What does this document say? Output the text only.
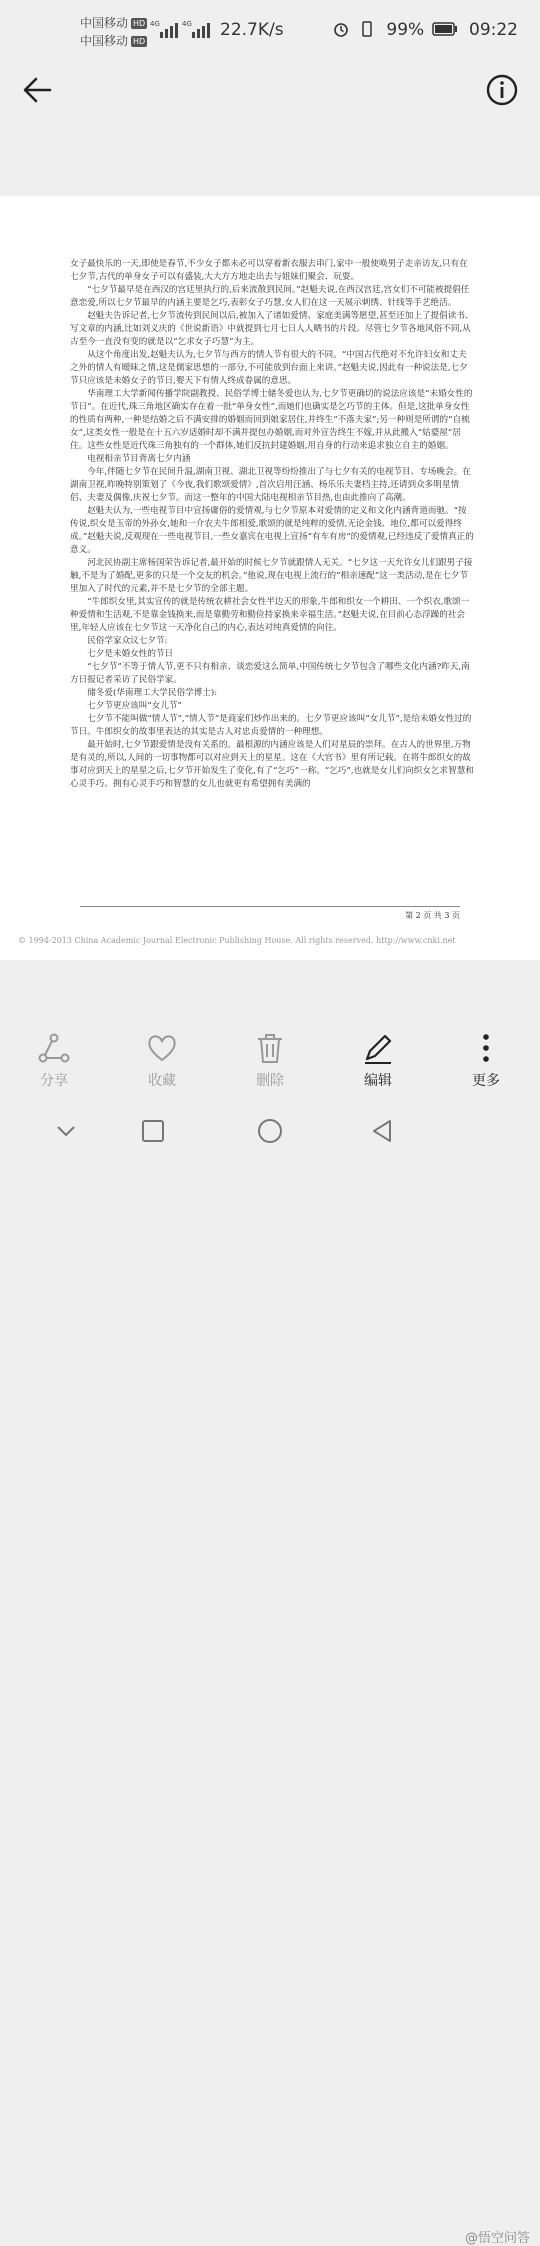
中国移动 HD
中国移动 HD
4G	4G 22.7K/s	99%	09:22

女子最快乐的一天,即使是春节,不少女子都未必可以穿着新衣服去串门,家中一般使唤男子走亲访友,只有在七夕节,古代的单身女子可以有盛装,大大方方地走出去与姐妹们聚会、玩耍。

“七夕节最早是在西汉的宫廷里执行的,后来流散到民间。”赵魁夫说,在西汉宫廷,宫女们不可能被提倡任意恋爱,所以七夕节最早的内涵主要是乞巧,表彰女子巧慧,女人们在这一天展示刺绣、针线等手艺绝活。

赵魁夫告诉记者,七夕节流传到民间以后,被加入了诸如爱情、家庭美满等愿望,甚至还加上了提倡读书、写文章的内涵,比如刘义庆的《世说新语》中就提到七月七日人人晒书的片段。尽管七夕节各地风俗不同,从古至今一直没有变的就是以“乞求女子巧慧”为主。

从这个角度出发,赵魁夫认为,七夕节与西方的情人节有很大的不同。“中国古代绝对不允许妇女和丈夫之外的情人有暧昧之情,这是儒家思想的一部分,不可能放到台面上来讲。”赵魁夫说,因此有一种说法是,七夕节只应该是未婚女子的节日,婴天下有情人终成眷属的意思。

华南理工大学新闻传播学院副教授、民俗学博士储冬爱也认为,七夕节更确切的说法应该是“未婚女性的节日”。在近代,珠三角地区确实存在着一批“单身女性”,而她们也确实是乞巧节的主体。但是,这批单身女性的性质有两种,一种是结婚之后不满安排的婚姻而回到娘家居住,并终生“不落夫家”;另一种则是所谓的“自梳女”,这类女性一般是在十五六岁适婚时却不满并提包办婚姻,而对外宣告终生不嫁,并从此搬入“姑婆屋”居住。这些女性是近代珠三角独有的一个群体,她们反抗封建婚姻,用自身的行动来追求独立自主的婚姻。

电视相亲节目背离七夕内涵

今年,伴随七夕节在民间升温,湖南卫视、湖北卫视等纷纷推出了与七夕有关的电视节目、专场晚会。在湖南卫视,昨晚特别策划了《今夜,我们歌颂爱情》,首次启用汪涵、杨乐乐夫妻档主持,还请到众多明星情侣、夫妻及偶像,庆祝七夕节。而这一整年的中国大陆电视相亲节目热,也由此推向了高潮。

赵魁夫认为,一些电视节目中宣扬庸俗的爱情观,与七夕节原本对爱情的定义和文化内涵背道而驰。“按传说,织女是玉帝的外孙女,她和一介农夫牛郎相爱,歌颂的就是纯粹的爱情,无论金钱、地位,都可以爱得终成。”赵魁夫说,反观现在一些电视节目,一些女嘉宾在电视上宣扬“有车有房”的爱情观,已经违反了爱情真正的意义。

河北民协副主席杨国荣告诉记者,最开始的时候七夕节就跟情人无关。“七夕这一天允许女儿们跟男子接触,不是为了婚配,更多的只是一个交友的机会。”他说,现在电视上流行的“相亲速配”这一类活动,是在七夕节里加入了时代的元素,并不是七夕节的全部主题。

“牛郎织女里,其实宣传的就是传统农耕社会女性半边天的形象,牛郎和织女一个耕田、一个织衣,歌颂一种爱情和生活观,不是靠金钱换来,而是靠勤劳和勤俭持家换来幸福生活。”赵魁夫说,在目前心态浮躁的社会里,年轻人应该在七夕节这一天净化自己的内心,表达对纯真爱情的向往。

民俗学家众议七夕节:

七夕是未婚女性的节日

“七夕节”不等于情人节,更不只有相亲、谈恋爱这么简单,中国传统七夕节包含了哪些文化内涵?昨天,南方日报记者采访了民俗学家。

储冬爱(华南理工大学民俗学博士):

七夕节更应该叫“女儿节”

七夕节不能叫做“情人节”,“情人节”是商家们炒作出来的。七夕节更应该叫“女儿节”,是给未婚女性过的节日。牛郎织女的故事里表达的其实是古人对忠贞爱情的一种理想。

最开始时,七夕节跟爱情是没有关系的。最根源的内涵应该是人们对星辰的崇拜。在古人的世界里,万物是有灵的,所以,人间的一切事物都可以对应到天上的星星。这在《大官书》里有所记载。在将牛郎织女的故事对应到天上的星星之后,七夕节开始发生了变化,有了“乞巧”一称。“乞巧”,也就是女儿们向织女乞求智慧和心灵手巧。拥有心灵手巧和智慧的女儿也就更有希望拥有美满的

第 2 页 共 3 页
© 1994-2013 China Academic Journal Electronic Publishing House. All rights reserved. http://www.cnki.net
分享	收藏	删除	编辑	更多
@悟空问答
